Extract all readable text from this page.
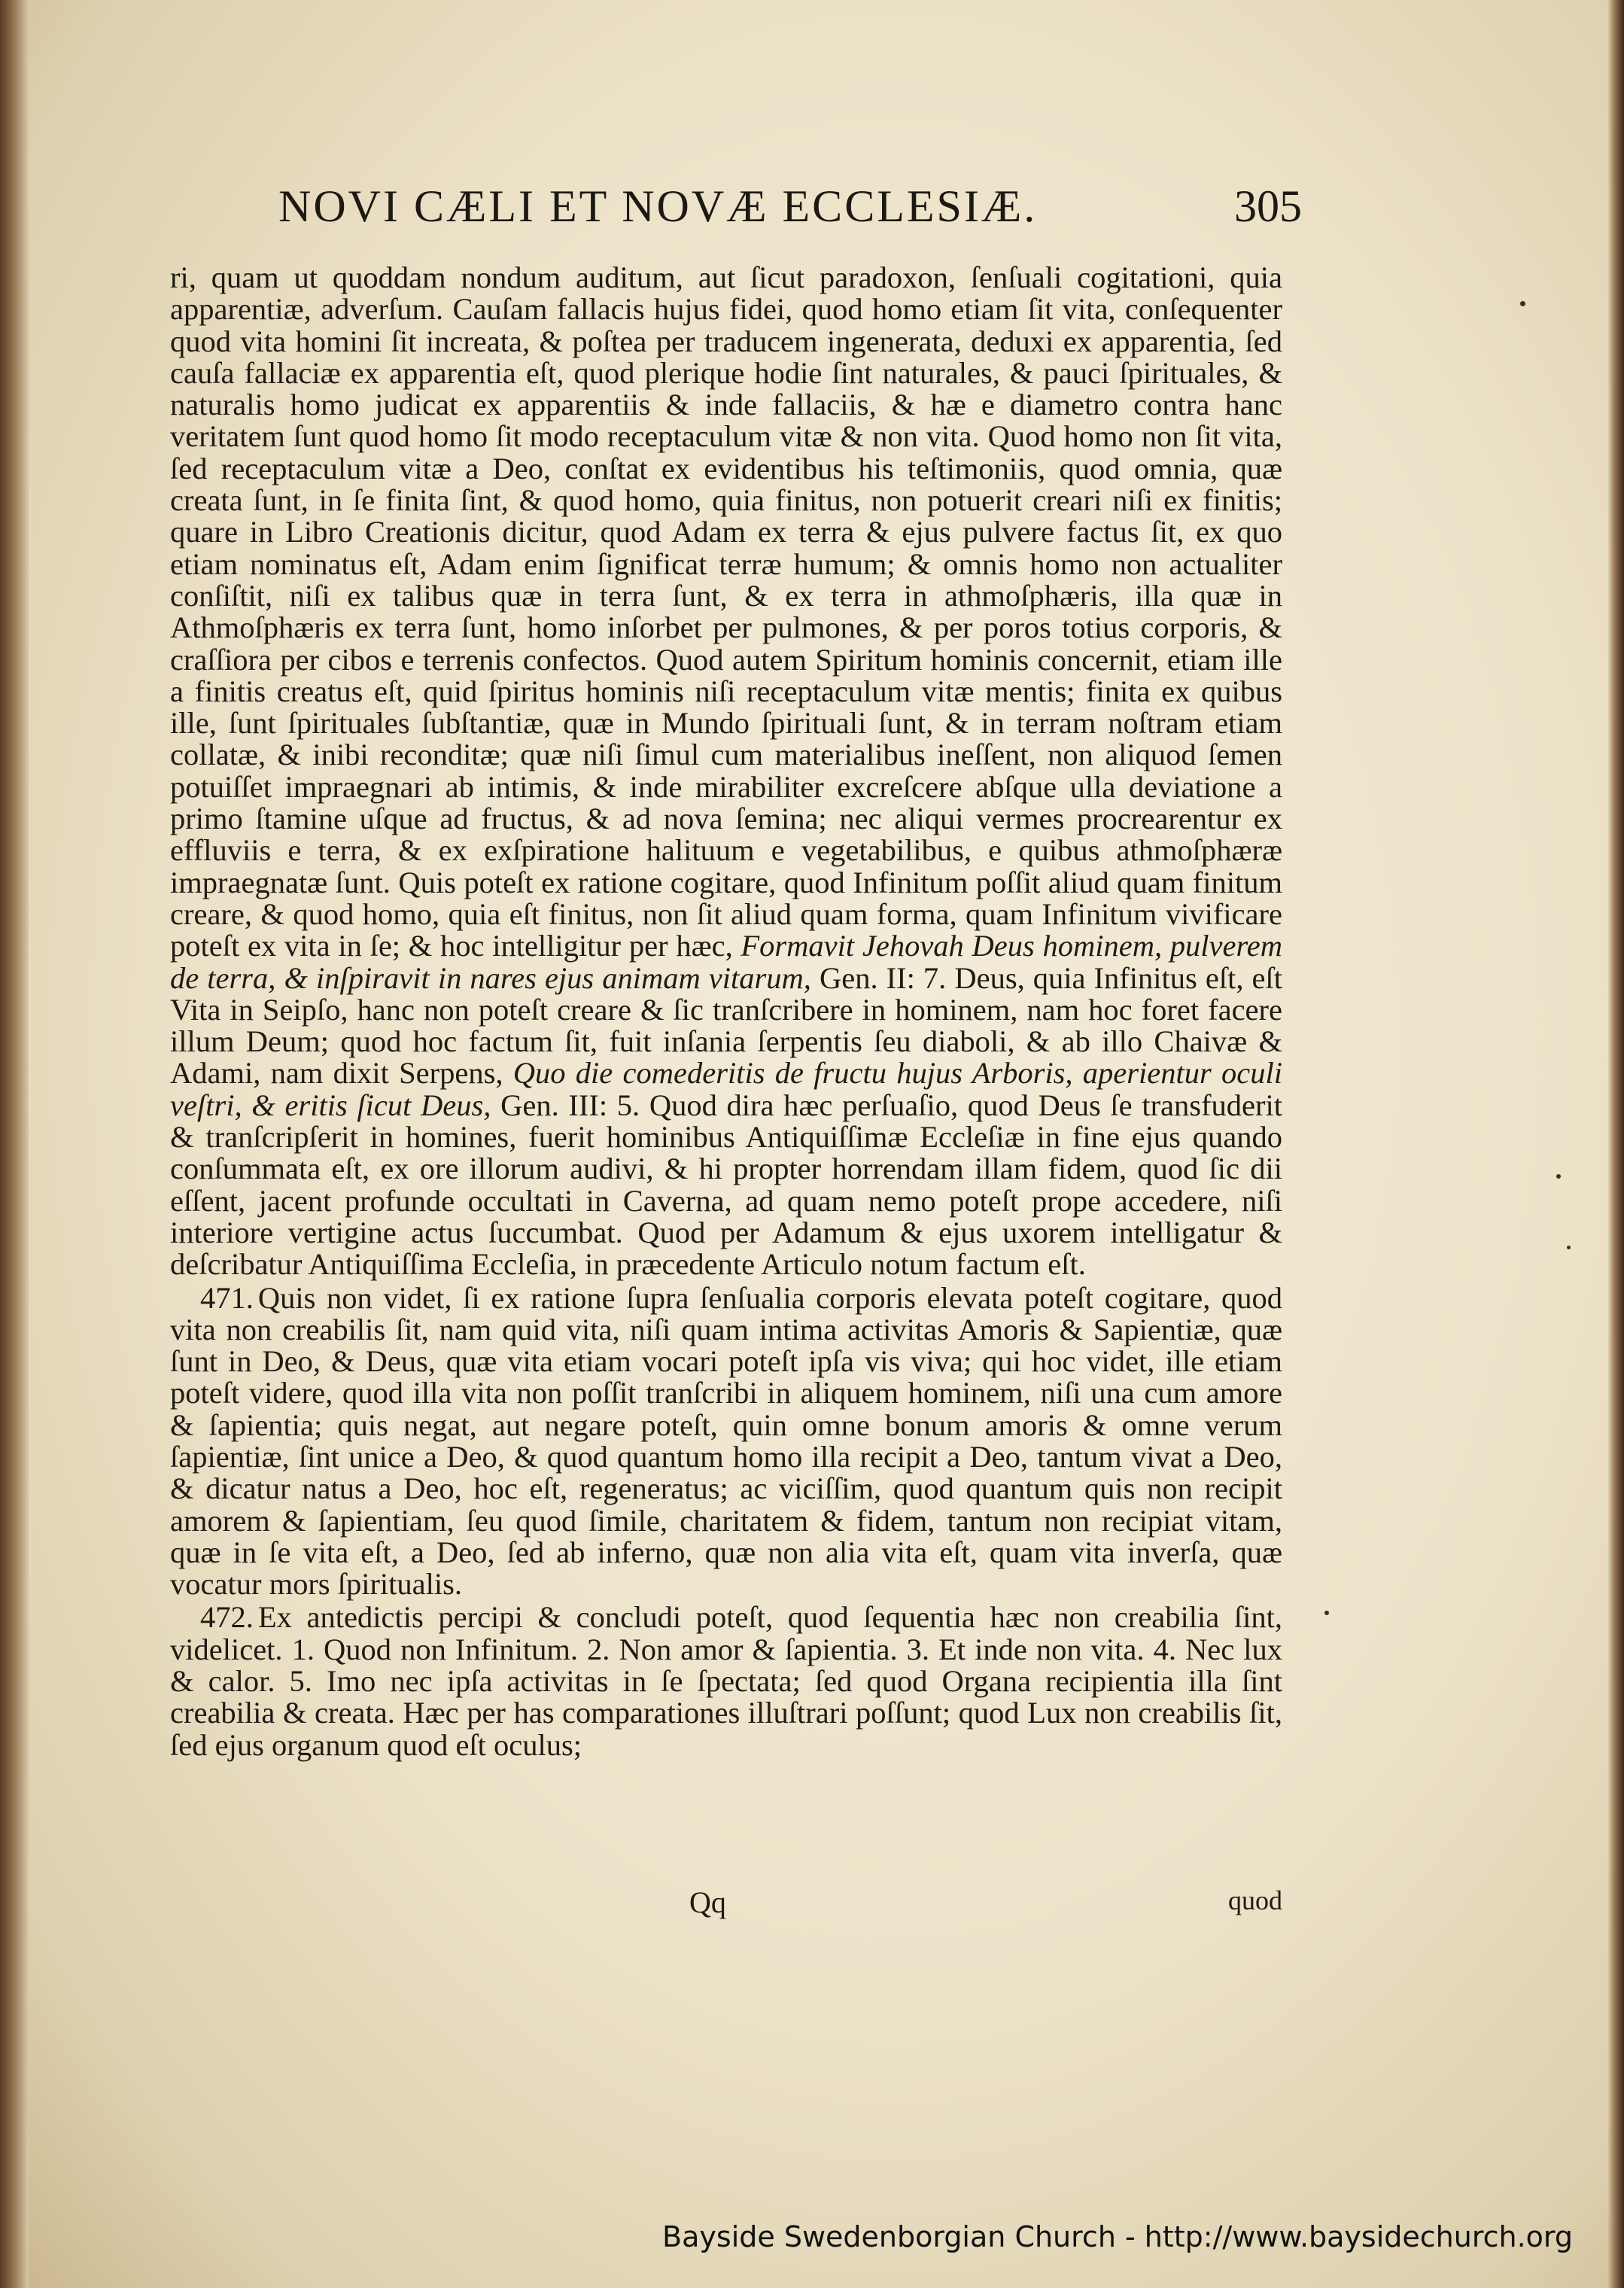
NOVI CÆLI ET NOVÆ ECCLESIÆ.	305

ri, quam ut quoddam nondum auditum, aut ſicut paradoxon, ſenſuali cogitationi, quia apparentiæ, adverſum. Cauſam fallacis hujus fidei, quod homo etiam ſit vita, conſequenter quod vita homini ſit increata, & poſtea per traducem ingenerata, deduxi ex apparentia, ſed cauſa fallaciæ ex apparentia eſt, quod plerique hodie ſint naturales, & pauci ſpirituales, & naturalis homo judicat ex apparentiis & inde fallaciis, & hæ e diametro contra hanc veritatem ſunt quod homo ſit modo receptaculum vitæ & non vita. Quod homo non ſit vita, ſed receptaculum vitæ a Deo, conſtat ex evidentibus his teſtimoniis, quod omnia, quæ creata ſunt, in ſe finita ſint, & quod homo, quia finitus, non potuerit creari niſi ex finitis; quare in Libro Creationis dicitur, quod Adam ex terra & ejus pulvere factus ſit, ex quo etiam nominatus eſt, Adam enim ſignificat terræ humum; & omnis homo non actualiter conſiſtit, niſi ex talibus quæ in terra ſunt, & ex terra in athmoſphæris, illa quæ in Athmoſphæris ex terra ſunt, homo inſorbet per pulmones, & per poros totius corporis, & craſſiora per cibos e terrenis confectos. Quod autem Spiritum hominis concernit, etiam ille a finitis creatus eſt, quid ſpiritus hominis niſi receptaculum vitæ mentis; finita ex quibus ille, ſunt ſpirituales ſubſtantiæ, quæ in Mundo ſpirituali ſunt, & in terram noſtram etiam collatæ, & inibi reconditæ; quæ niſi ſimul cum materialibus ineſſent, non aliquod ſemen potuiſſet impraegnari ab intimis, & inde mirabiliter excreſcere abſque ulla deviatione a primo ſtamine uſque ad fructus, & ad nova ſemina; nec aliqui vermes procrearentur ex effluviis e terra, & ex exſpiratione halituum e vegetabilibus, e quibus athmoſphæræ impraegnatæ ſunt. Quis poteſt ex ratione cogitare, quod Infinitum poſſit aliud quam finitum creare, & quod homo, quia eſt finitus, non ſit aliud quam forma, quam Infinitum vivificare poteſt ex vita in ſe; & hoc intelligitur per hæc, Formavit Jehovah Deus hominem, pulverem de terra, & inſpiravit in nares ejus animam vitarum, Gen. II: 7. Deus, quia Infinitus eſt, eſt Vita in Seipſo, hanc non poteſt creare & ſic tranſcribere in hominem, nam hoc foret facere illum Deum; quod hoc factum ſit, fuit inſania ſerpentis ſeu diaboli, & ab illo Chaivæ & Adami, nam dixit Serpens, Quo die comederitis de fructu hujus Arboris, aperientur oculi veſtri, & eritis ſicut Deus, Gen. III: 5. Quod dira hæc perſuaſio, quod Deus ſe transfuderit & tranſcripſerit in homines, fuerit hominibus Antiquiſſimæ Eccleſiæ in fine ejus quando conſummata eſt, ex ore illorum audivi, & hi propter horrendam illam fidem, quod ſic dii eſſent, jacent profunde occultati in Caverna, ad quam nemo poteſt prope accedere, niſi interiore vertigine actus ſuccumbat. Quod per Adamum & ejus uxorem intelligatur & deſcribatur Antiquiſſima Eccleſia, in præcedente Articulo notum factum eſt.

471. Quis non videt, ſi ex ratione ſupra ſenſualia corporis elevata poteſt cogitare, quod vita non creabilis ſit, nam quid vita, niſi quam intima activitas Amoris & Sapientiæ, quæ ſunt in Deo, & Deus, quæ vita etiam vocari poteſt ipſa vis viva; qui hoc videt, ille etiam poteſt videre, quod illa vita non poſſit tranſcribi in aliquem hominem, niſi una cum amore & ſapientia; quis negat, aut negare poteſt, quin omne bonum amoris & omne verum ſapientiæ, ſint unice a Deo, & quod quantum homo illa recipit a Deo, tantum vivat a Deo, & dicatur natus a Deo, hoc eſt, regeneratus; ac viciſſim, quod quantum quis non recipit amorem & ſapientiam, ſeu quod ſimile, charitatem & fidem, tantum non recipiat vitam, quæ in ſe vita eſt, a Deo, ſed ab inferno, quæ non alia vita eſt, quam vita inverſa, quæ vocatur mors ſpiritualis.

472. Ex antedictis percipi & concludi poteſt, quod ſequentia hæc non creabilia ſint, videlicet. 1. Quod non Infinitum. 2. Non amor & ſapientia. 3. Et inde non vita. 4. Nec lux & calor. 5. Imo nec ipſa activitas in ſe ſpectata; ſed quod Organa recipientia illa ſint creabilia & creata. Hæc per has comparationes illuſtrari poſſunt; quod Lux non creabilis ſit, ſed ejus organum quod eſt oculus;

Qq	quod
Bayside Swedenborgian Church - http://www.baysidechurch.org
